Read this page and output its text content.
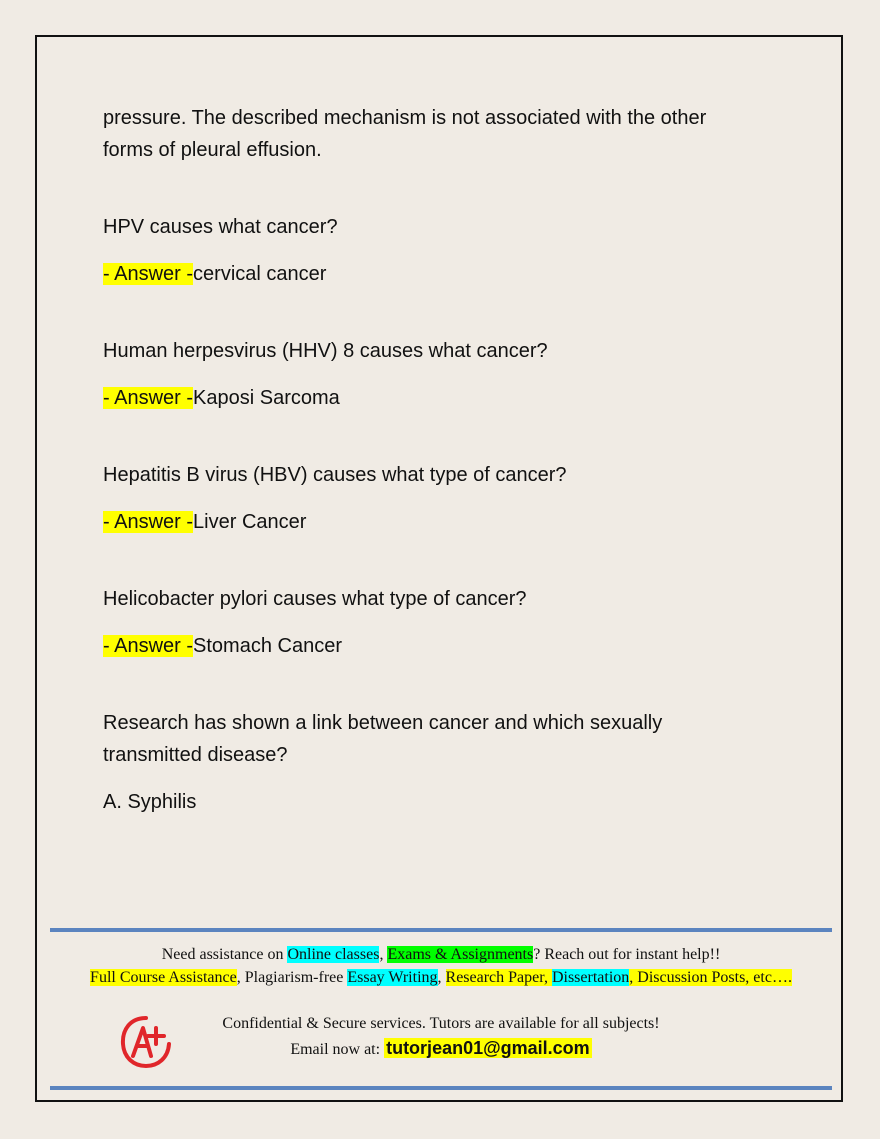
pressure. The described mechanism is not associated with the other

forms of pleural effusion.

HPV causes what cancer?

- Answer -cervical cancer

Human herpesvirus (HHV) 8 causes what cancer?

- Answer -Kaposi Sarcoma

Hepatitis B virus (HBV) causes what type of cancer?

- Answer -Liver Cancer

Helicobacter pylori causes what type of cancer?

- Answer -Stomach Cancer

Research has shown a link between cancer and which sexually

transmitted disease?

A. Syphilis

Need assistance on Online classes, Exams & Assignments? Reach out for instant help!!
Full Course Assistance, Plagiarism-free Essay Writing, Research Paper, Dissertation, Discussion Posts, etc….
Confidential & Secure services. Tutors are available for all subjects!
Email now at: tutorjean01@gmail.com
